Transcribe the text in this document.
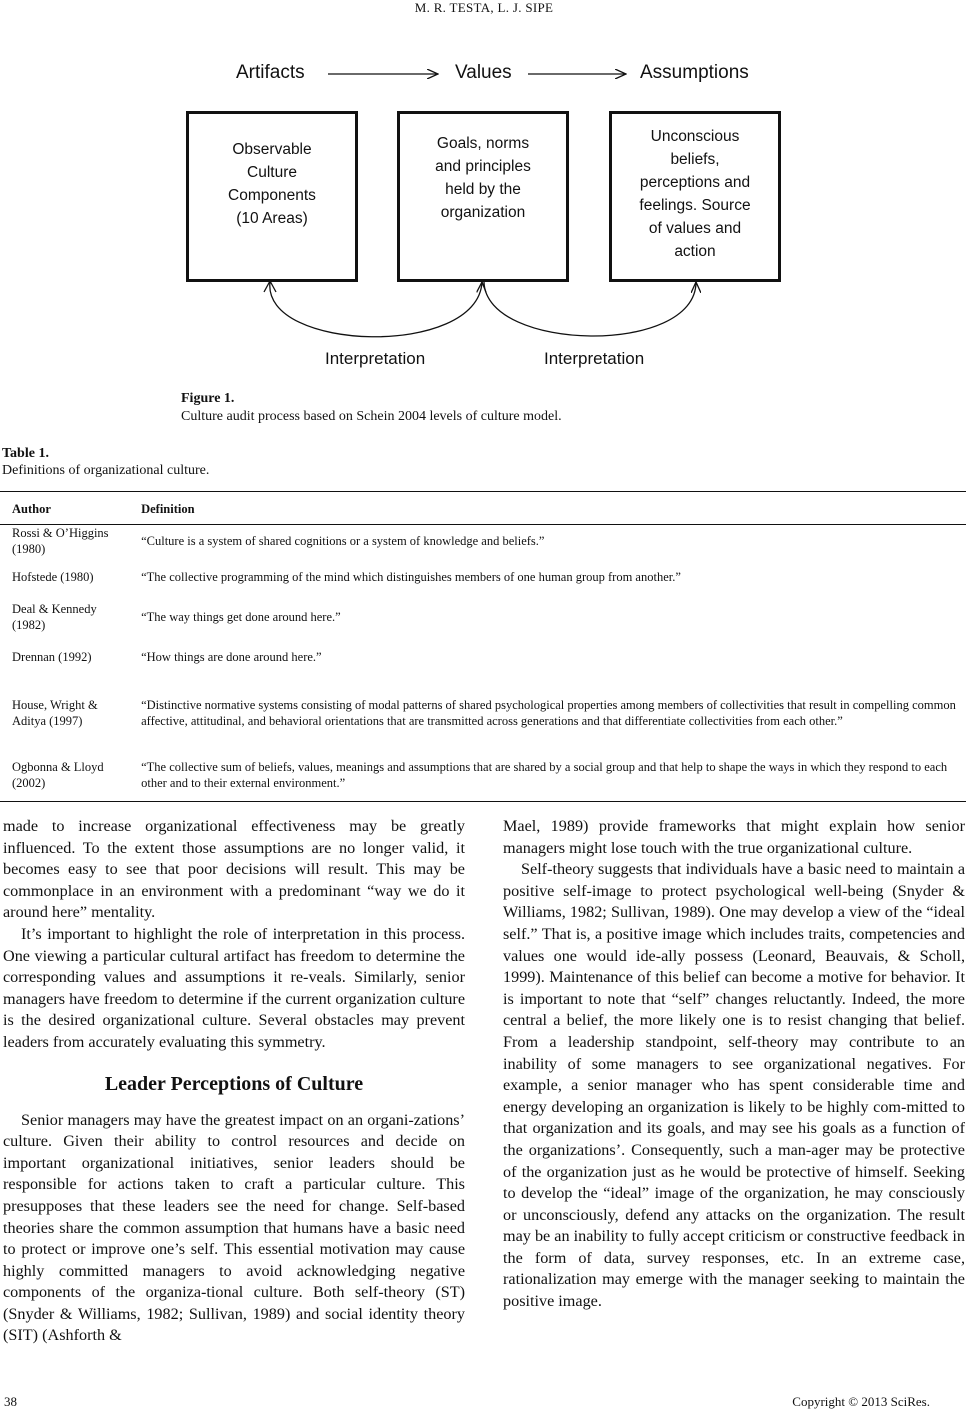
M. R. TESTA, L. J. SIPE
Artifacts	Values	Assumptions
Observable
Culture
Components
(10 Areas)
Goals, norms
and principles
held by the
organization
Unconscious
beliefs,
perceptions and
feelings. Source
of values and
action
Interpretation	Interpretation
Figure 1.
Culture audit process based on Schein 2004 levels of culture model.
Table 1.
Definitions of organizational culture.
Author	Definition
Rossi & O’Higgins (1980)	“Culture is a system of shared cognitions or a system of knowledge and beliefs.”
Hofstede (1980)	“The collective programming of the mind which distinguishes members of one human group from another.”
Deal & Kennedy (1982)	“The way things get done around here.”
Drennan (1992)	“How things are done around here.”
House, Wright & Aditya (1997)	“Distinctive normative systems consisting of modal patterns of shared psychological properties among members of collectivities that result in compelling common affective, attitudinal, and behavioral orientations that are transmitted across generations and that differentiate collectivities from each other.”
Ogbonna & Lloyd (2002)	“The collective sum of beliefs, values, meanings and assumptions that are shared by a social group and that help to shape the ways in which they respond to each other and to their external environment.”

made to increase organizational effectiveness may be greatly influenced. To the extent those assumptions are no longer valid, it becomes easy to see that poor decisions will result. This may be commonplace in an environment with a predominant “way we do it around here” mentality.

It’s important to highlight the role of interpretation in this process. One viewing a particular cultural artifact has freedom to determine the corresponding values and assumptions it re-veals. Similarly, senior managers have freedom to determine if the current organization culture is the desired organizational culture. Several obstacles may prevent leaders from accurately evaluating this symmetry.

Leader Perceptions of Culture

Senior managers may have the greatest impact on an organi-zations’ culture. Given their ability to control resources and decide on important organizational initiatives, senior leaders should be responsible for actions taken to craft a particular culture. This presupposes that these leaders see the need for change. Self-based theories share the common assumption that humans have a basic need to protect or improve one’s self. This essential motivation may cause highly committed managers to avoid acknowledging negative components of the organiza-tional culture. Both self-theory (ST) (Snyder & Williams, 1982; Sullivan, 1989) and social identity theory (SIT) (Ashforth &

Mael, 1989) provide frameworks that might explain how senior managers might lose touch with the true organizational culture.

Self-theory suggests that individuals have a basic need to maintain a positive self-image to protect psychological well-being (Snyder & Williams, 1982; Sullivan, 1989). One may develop a view of the “ideal self.” That is, a positive image which includes traits, competencies and values one would ide-ally possess (Leonard, Beauvais, & Scholl, 1999). Maintenance of this belief can become a motive for behavior. It is important to note that “self” changes reluctantly. Indeed, the more central a belief, the more likely one is to resist changing that belief. From a leadership standpoint, self-theory may contribute to an inability of some managers to see organizational negatives. For example, a senior manager who has spent considerable time and energy developing an organization is likely to be highly com-mitted to that organization and its goals, and may see his goals as a function of the organizations’. Consequently, such a man-ager may be protective of the organization just as he would be protective of himself. Seeking to develop the “ideal” image of the organization, he may consciously or unconsciously, defend any attacks on the organization. The result may be an inability to fully accept criticism or constructive feedback in the form of data, survey responses, etc. In an extreme case, rationalization may emerge with the manager seeking to maintain the positive image.

38	Copyright © 2013 SciRes.
